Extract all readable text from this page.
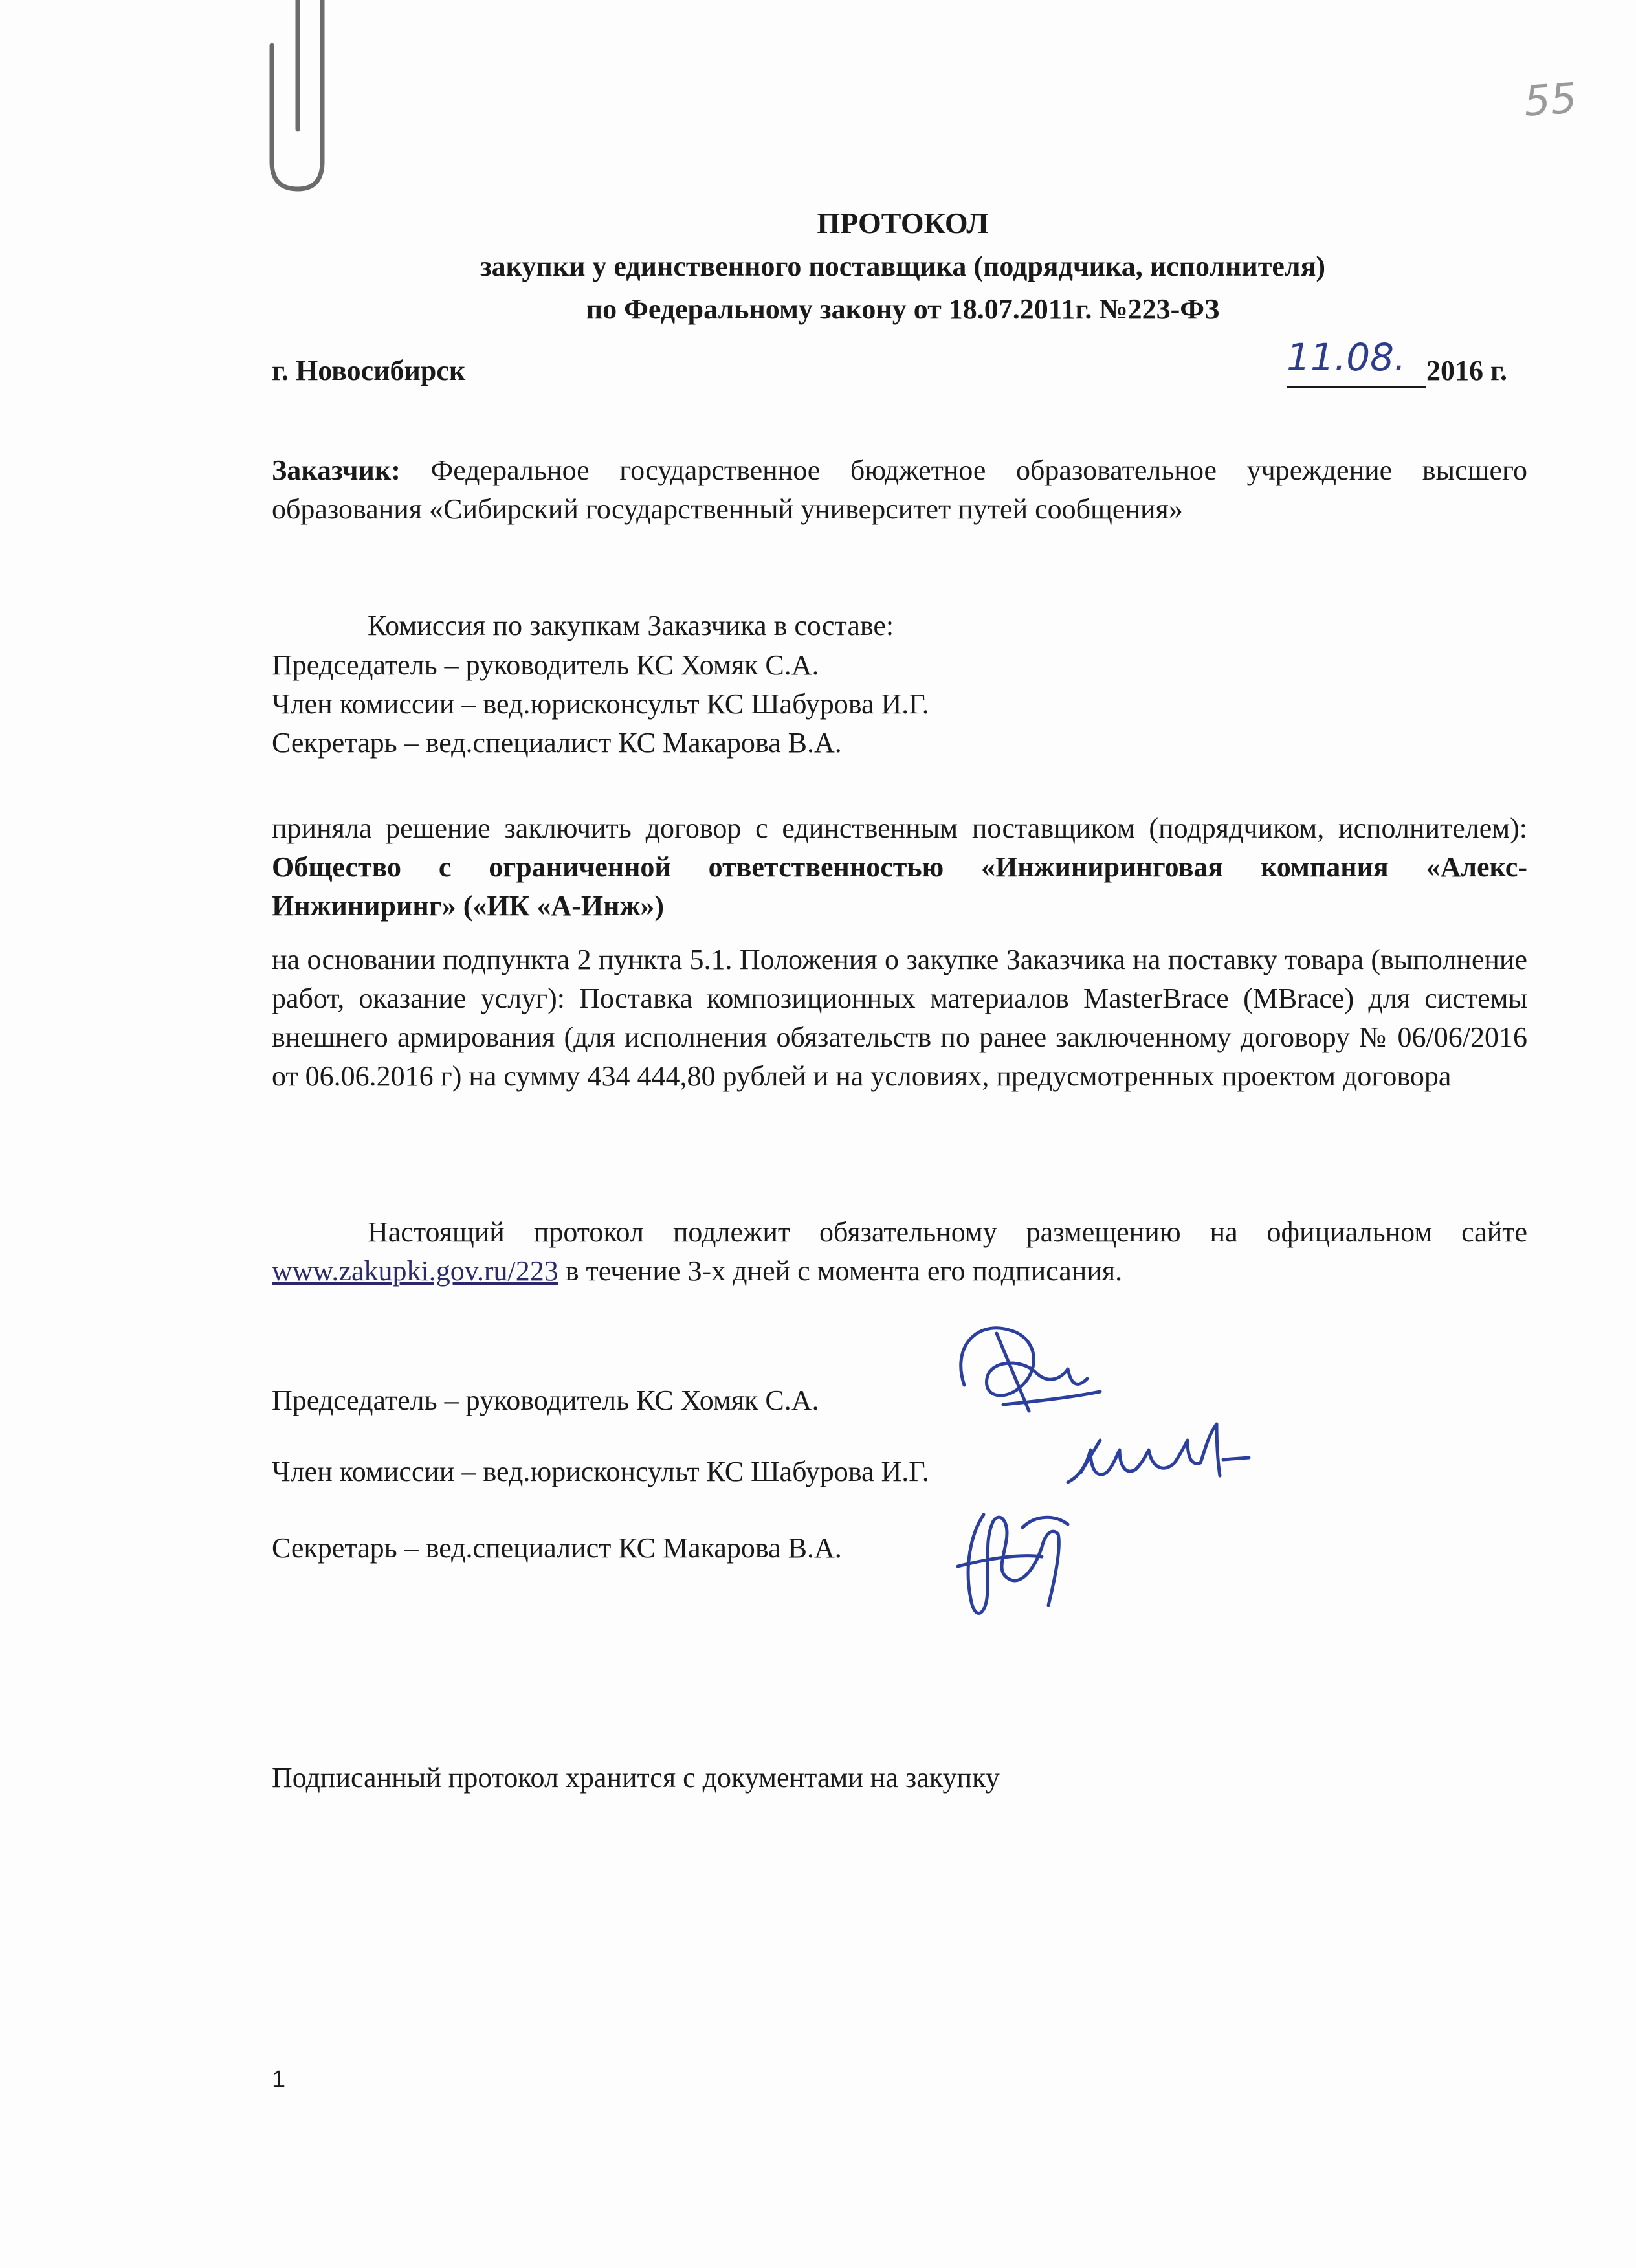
55
ПРОТОКОЛ
закупки у единственного поставщика (подрядчика, исполнителя)
по Федеральному закону от 18.07.2011г. №223-ФЗ
г. Новосибирск	11.08. 2016 г.
Заказчик: Федеральное государственное бюджетное образовательное учреждение высшего образования «Сибирский государственный университет путей сообщения»
Комиссия по закупкам Заказчика в составе:
Председатель – руководитель КС Хомяк С.А.
Член комиссии – вед.юрисконсульт КС Шабурова И.Г.
Секретарь – вед.специалист КС Макарова В.А.
приняла решение заключить договор с единственным поставщиком (подрядчиком, исполнителем): Общество с ограниченной ответственностью «Инжиниринговая компания «Алекс-Инжиниринг» («ИК «А-Инж»)
на основании подпункта 2 пункта 5.1. Положения о закупке Заказчика на поставку товара (выполнение работ, оказание услуг): Поставка композиционных материалов MasterBrace (MBrace) для системы внешнего армирования (для исполнения обязательств по ранее заключенному договору № 06/06/2016 от 06.06.2016 г) на сумму 434 444,80 рублей и на условиях, предусмотренных проектом договора
Настоящий протокол подлежит обязательному размещению на официальном сайте www.zakupki.gov.ru/223 в течение 3-х дней с момента его подписания.
Председатель – руководитель КС Хомяк С.А.
Член комиссии – вед.юрисконсульт КС Шабурова И.Г.
Секретарь – вед.специалист КС Макарова В.А.
Подписанный протокол хранится с документами на закупку
1
